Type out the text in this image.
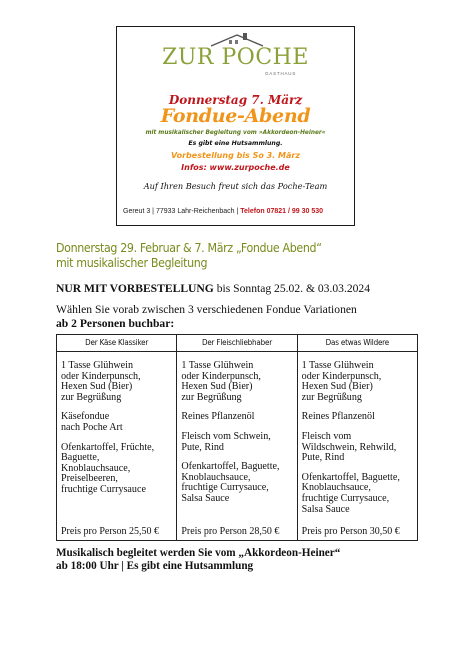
ZUR POCHE
GASTHAUS
Donnerstag 7. März
Fondue-Abend
mit musikalischer Begleitung vom »Akkordeon-Heiner«
Es gibt eine Hutsammlung.
Vorbestellung bis So 3. März
Infos: www.zurpoche.de
Auf Ihren Besuch freut sich das Poche-Team
Gereut 3 | 77933 Lahr-Reichenbach | Telefon 07821 / 99 30 530
Donnerstag 29. Februar & 7. März „Fondue Abend“
mit musikalischer Begleitung
NUR MIT VORBESTELLUNG bis Sonntag 25.02. & 03.03.2024
Wählen Sie vorab zwischen 3 verschiedenen Fondue Variationen
ab 2 Personen buchbar:
Der Käse Klassiker
1 Tasse Glühwein
oder Kinderpunsch,
Hexen Sud (Bier)
zur Begrüßung
Käsefondue
nach Poche Art
Ofenkartoffel, Früchte,
Baguette,
Knoblauchsauce,
Preiselbeeren,
fruchtige Currysauce
Preis pro Person 25,50 €
Der Fleischliebhaber
1 Tasse Glühwein
oder Kinderpunsch,
Hexen Sud (Bier)
zur Begrüßung
Reines Pflanzenöl
Fleisch vom Schwein,
Pute, Rind
Ofenkartoffel, Baguette,
Knoblauchsauce,
fruchtige Currysauce,
Salsa Sauce
Preis pro Person 28,50 €
Das etwas Wildere
1 Tasse Glühwein
oder Kinderpunsch,
Hexen Sud (Bier)
zur Begrüßung
Reines Pflanzenöl
Fleisch vom
Wildschwein, Rehwild,
Pute, Rind
Ofenkartoffel, Baguette,
Knoblauchsauce,
fruchtige Currysauce,
Salsa Sauce
Preis pro Person 30,50 €
Musikalisch begleitet werden Sie vom „Akkordeon-Heiner“
ab 18:00 Uhr | Es gibt eine Hutsammlung
